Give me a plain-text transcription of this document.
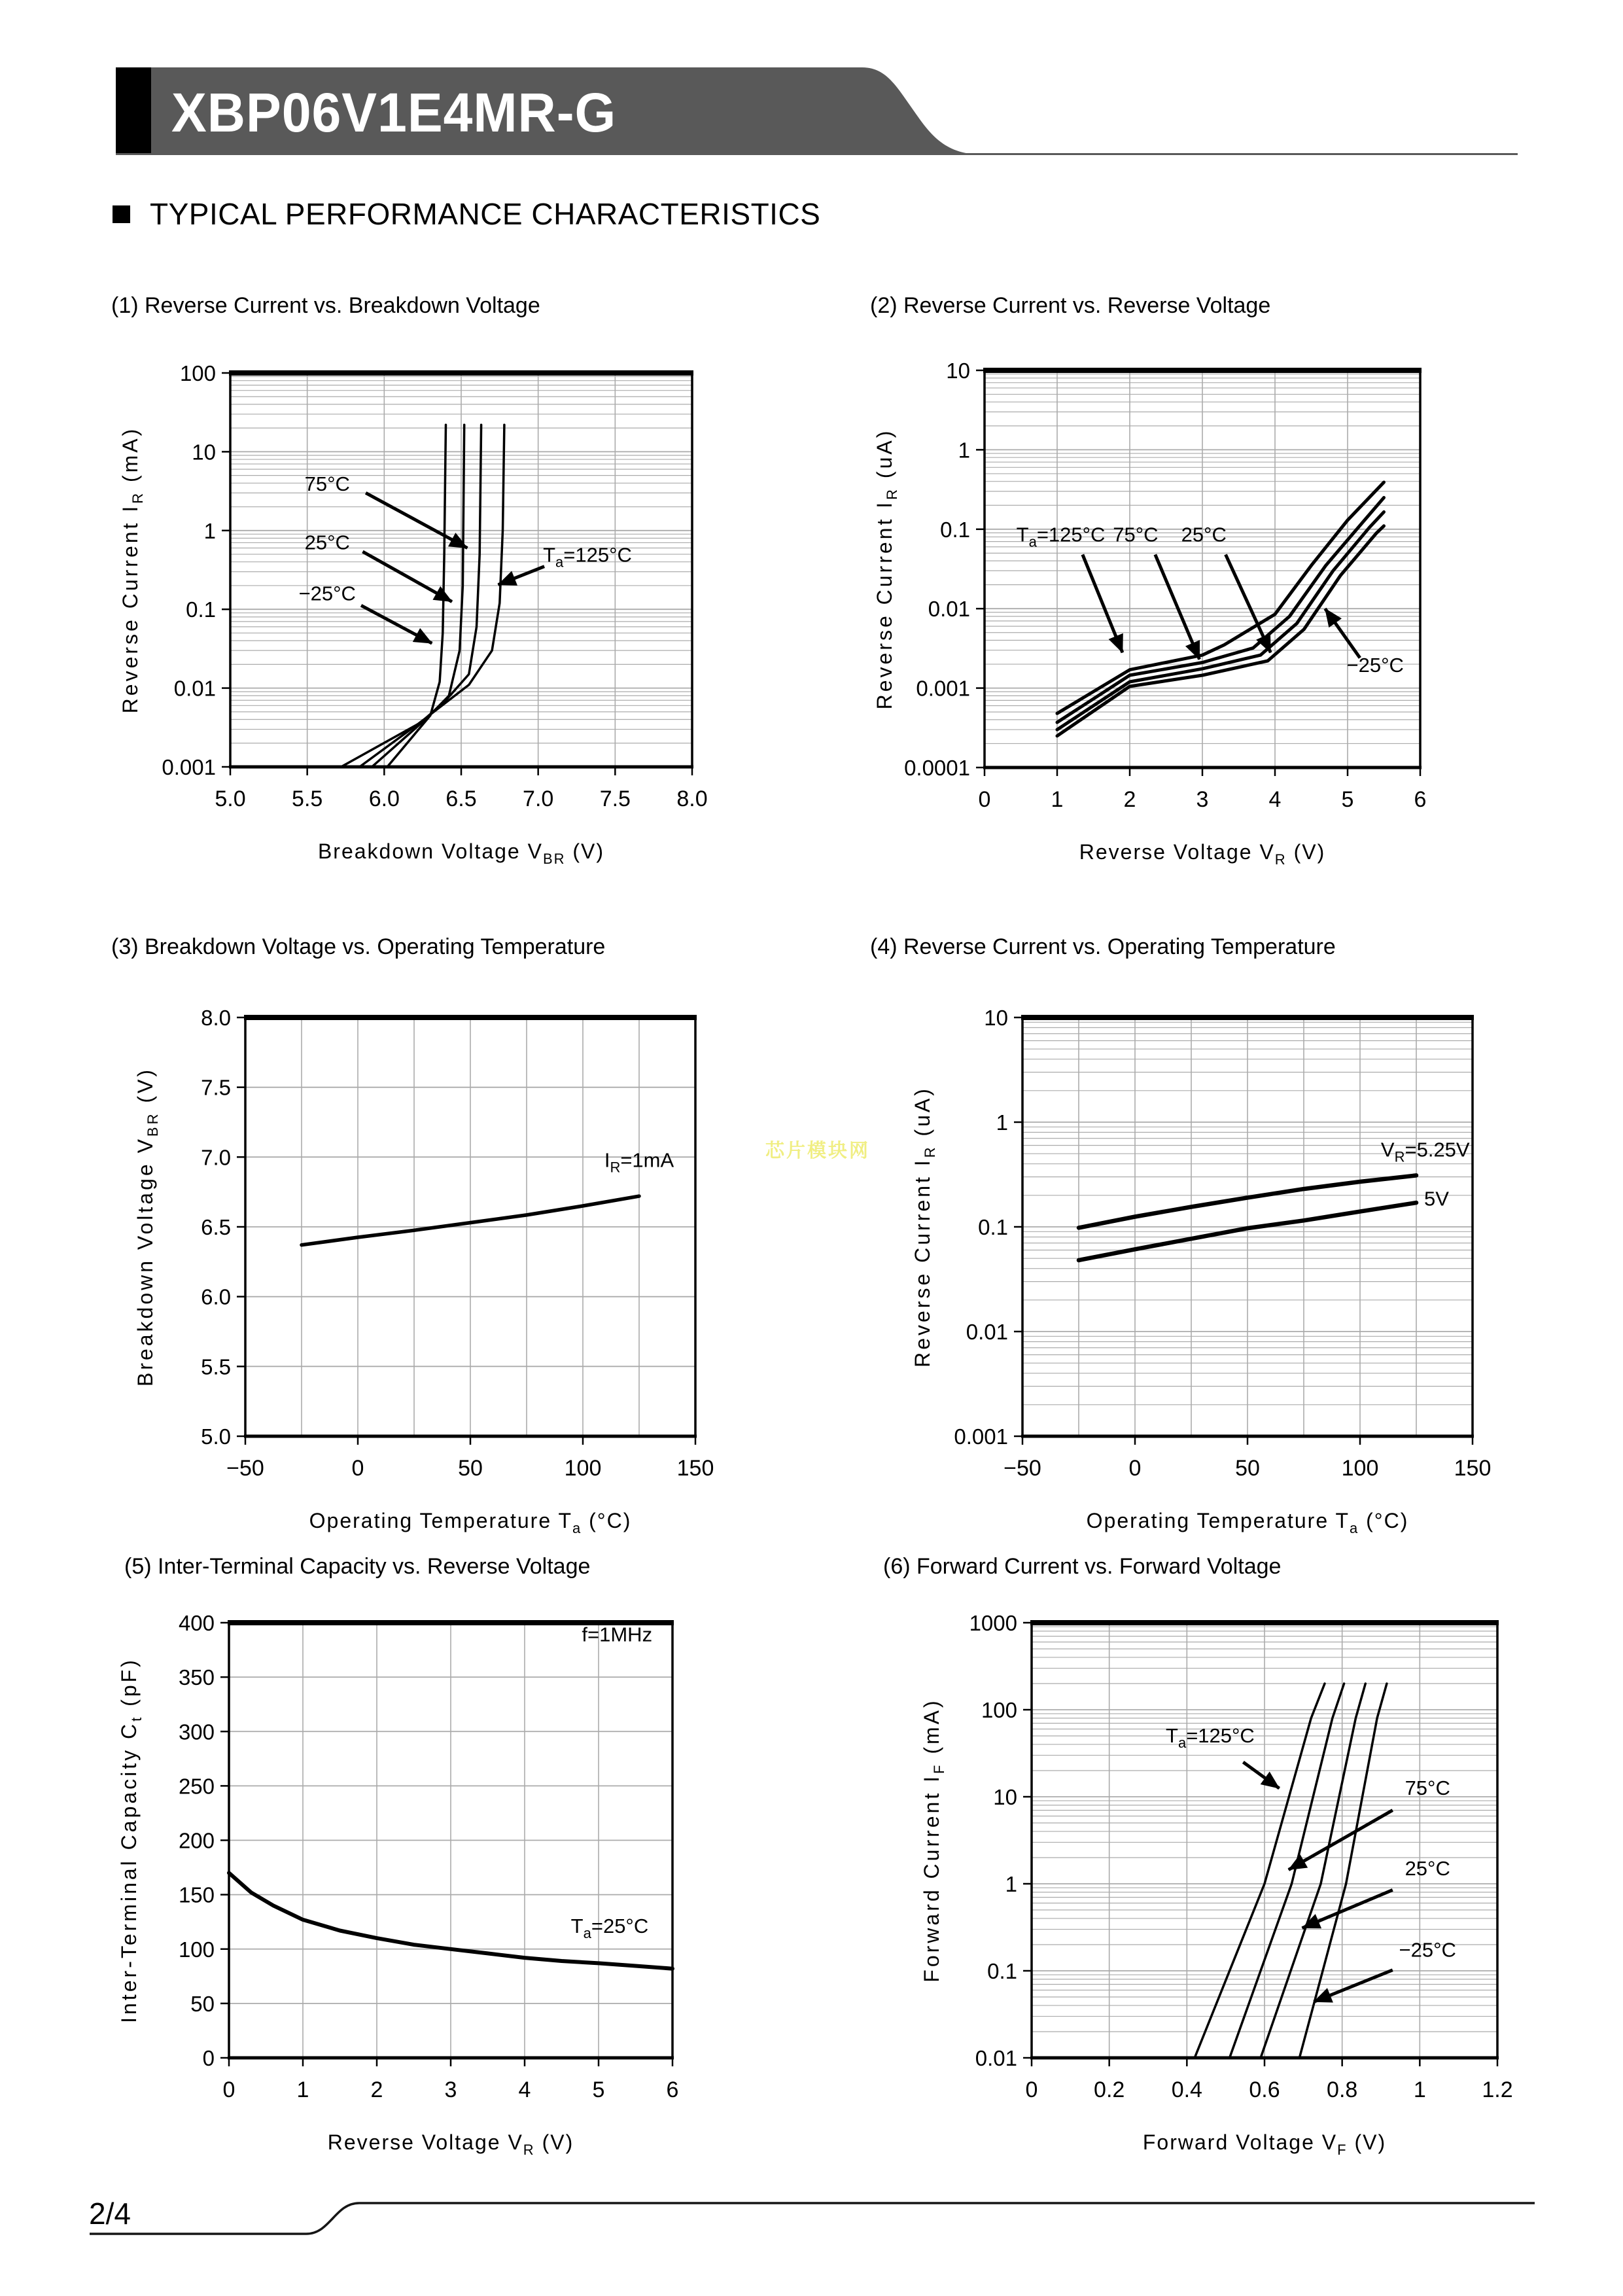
XBP06V1E4MR-G
TYPICAL PERFORMANCE CHARACTERISTICS
(1) Reverse Current vs. Breakdown Voltage	(2) Reverse Current vs. Reverse Voltage
(3) Breakdown Voltage vs. Operating Temperature	(4) Reverse Current vs. Operating Temperature
(5) Inter-Terminal Capacity vs. Reverse Voltage	(6) Forward Current vs. Forward Voltage
5.0 5.5 6.0 6.5 7.0 7.5 8.0
100
10
1
0.1
0.01
0.001
Breakdown Voltage $V_{BR}$ (V)
Reverse Current $I_R$ (mA)	75°C
25°C
−25°C
$T_a=125^\circ C$
0	1	2	3	4	5	6
10
1
0.1
0.01
0.001
0.0001
Reverse Voltage $V_R$ (V)
Reverse Current $I_R$ (uA)
$T_a=125^\circ C$ 75°C 25°C
−25°C
−50	0	50	100	150
8.0
7.5
7.0
6.5
6.0
5.5
5.0
Operating Temperature $T_a$ (°C)
Breakdown Voltage $V_{BR}$ (V)
$I_R=1mA$
−50	0	50	100	150
10
1
0.1
0.01
0.001
Operating Temperature $T_a$ (°C)
Reverse Current $I_R$ (uA)
$V_R=5.25V$
5V
0	1	2	3	4	5	6
400
350
300
250
200
150
100
50
0
Reverse Voltage $V_R$ (V)
Inter-Terminal Capacity $C_t$ (pF)
f=1MHz
$T_a=25^\circ C$
0	0.2 0.4 0.6 0.8	1	1.2
1000
100
10
1
0.1
0.01
Forward Voltage $V_F$ (V)
Forward Current $I_F$ (mA)	$T_a=125^\circ C$
75°C
25°C
−25°C
芯片模块网
2/4
